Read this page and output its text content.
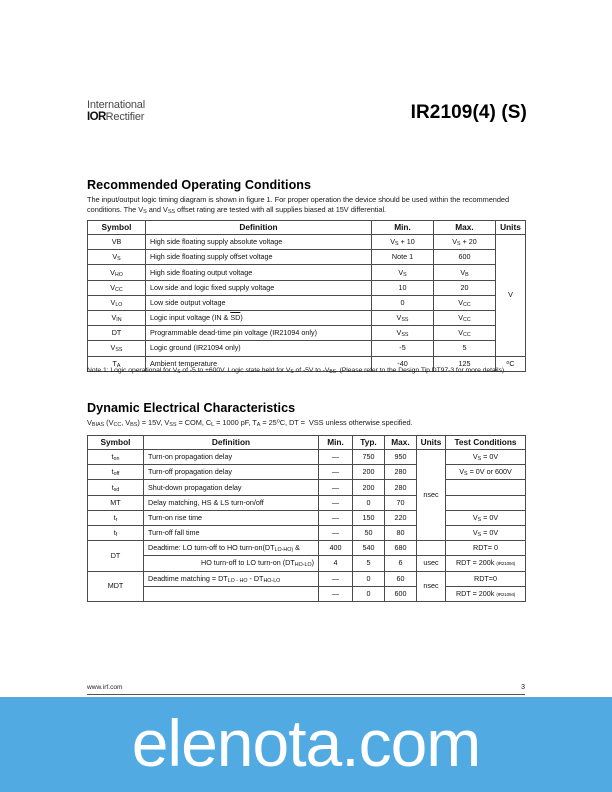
International
IORRectifier	IR2109(4) (S)
Recommended Operating Conditions
The input/output logic timing diagram is shown in figure 1. For proper operation the device should be used within the recommended conditions. The $V_S$ and $V_{SS}$ offset rating are tested with all supplies biased at 15V differential.
Symbol	Definition	Min.	Max.	Units
VB	High side floating supply absolute voltage	$V_S + 10$	$V_S + 20$	V
$V_S$	High side floating supply offset voltage	Note 1	600	
$V_{HO}$	High side floating output voltage	$V_S$	$V_B$
$V_{CC}$	Low side and logic fixed supply voltage	10	20	
$V_{LO}$	Low side output voltage	0	$V_{CC}$
$V_{IN}$	Logic input voltage (IN & $\overline{SD}$)	$V_{SS}$	$V_{CC}$
DT	Programmable dead-time pin voltage (IR21094 only)	$V_{SS}$	$V_{CC}$
$V_{SS}$	Logic ground (IR21094 only)	-5	5	
$T_A$	Ambient temperature	-40	125	$^o$C
Note 1: Logic operational for $V_S$ of -5 to +600V. Logic state held for $V_S$ of -5V to $-V_{BS}$. (Please refer to the Design Tip DT97-3 for more details).
Dynamic Electrical Characteristics
$V_{BIAS}$ ($V_{CC}$, $V_{BS}) = 15V$, $V_{SS}$ = COM, $C_L = 1000$ pF, $T_A = 25^oC$, DT =  VSS unless otherwise specified.
Symbol	Definition	Min.	Typ.	Max.	Units	Test Conditions
$t_{on}$	Turn-on propagation delay	—	750	950	nsec	$V_S = 0V$
$t_{off}$	Turn-off propagation delay	—	200	280		$V_S = 0V$ or 600V
$t_{sd}$	Shut-down propagation delay	—	200	280		
MT	Delay matching, HS & LS turn-on/off	—	0	70		
$t_r$	Turn-on rise time	—	150	220		$V_S = 0V$
$t_f$	Turn-off fall time	—	50	80		$V_S = 0V$
DT	Deadtime: LO turn-off to HO turn-$on(DT_{LO-HO)}$ &	400	540	680		RDT= 0
	HO turn-off to LO turn-on $(DT_{HO-LO})$	4	5	6	usec	RDT = 200k (IR21094)
MDT	Deadtime matching = $DT_{LO - HO} - DT_{HO-LO}$	—	0	60	nsec	RDT=0
		—	0	600		RDT = 200k (IR21094)
www.irf.com	3
elenota.com
